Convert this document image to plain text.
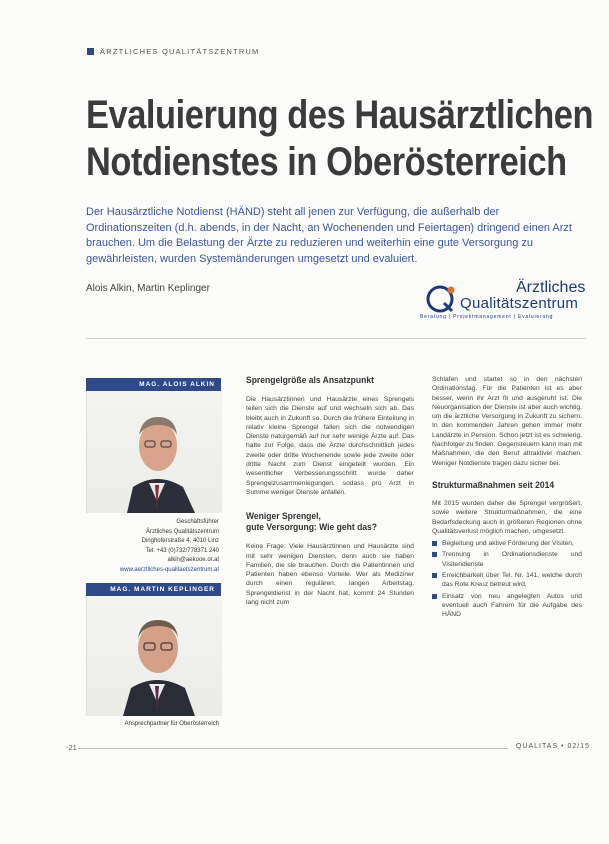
ÄRZTLICHES QUALITÄTSZENTRUM
Evaluierung des Hausärztlichen
Notdienstes in Oberösterreich
Der Hausärztliche Notdienst (HÄND) steht all jenen zur Verfügung, die außerhalb der Ordinationszeiten (d.h. abends, in der Nacht, an Wochenenden und Feiertagen) dringend einen Arzt brauchen. Um die Belastung der Ärzte zu reduzieren und weiterhin eine gute Versorgung zu gewährleisten, wurden Systemänderungen umgesetzt und evaluiert.
Alois Alkin, Martin Keplinger	Ärztliches
Qualitätszentrum
Beratung | Projektmanagement | Evaluierung
MAG. ALOIS ALKIN
Geschäftsführer
Ärztliches Qualitätszentrum
Dinghoferstraße 4, 4010 Linz
Tel: +43 (0)732/778371 240
alkin@aekooe.or.at
www.aerztliches-qualitaetszentrum.at
MAG. MARTIN KEPLINGER
Ansprechpartner für Oberösterreich
Sprengelgröße als Ansatzpunkt
Die Hausärztinnen und Hausärzte eines Sprengels teilen sich die Dienste auf und wechseln sich ab. Das bleibt auch in Zukunft so. Durch die frühere Einteilung in relativ kleine Sprengel fallen sich die notwendigen Dienste naturgemäß auf nur sehr wenige Ärzte auf. Das hatte zur Folge, dass die Ärzte durchschnittlich jedes zweite oder dritte Wochenende sowie jede zweite oder dritte Nacht zum Dienst eingeteilt wurden. Ein wesentlicher Verbesserungsschritt wurde daher Sprengelzusammenlegungen, sodass pro Arzt in Summe weniger Dienste anfallen.
Weniger Sprengel,
gute Versorgung: Wie geht das?
Keine Frage: Viele Hausärztinnen und Hausärzte sind mit sehr wenigen Diensten, denn auch sie haben Familien, die sie brauchen. Durch die Patientinnen und Patienten haben ebenso Vorteile. Wer als Mediziner durch einen regulären, langen Arbeitstag, Sprengeldienst in der Nacht hat, kommt 24 Stunden lang nicht zum
Schlafen und startet so in den nächsten Ordinationstag. Für die Patienten ist es aber besser, wenn ihr Arzt fit und ausgeruht ist. Die Neuorganisation der Dienste ist aber auch wichtig, um die ärztliche Versorgung in Zukunft zu sichern. In den kommenden Jahren gehen immer mehr Landärzte in Pension. Schon jetzt ist es schwierig, Nachfolger zu finden. Gegensteuern kann man mit Maßnahmen, die den Beruf attraktiver machen. Weniger Notdienste tragen dazu sicher bei.
Strukturmaßnahmen seit 2014
Mit 2015 wurden daher die Sprengel vergrößert, sowie weitere Strukturmaßnahmen, die eine Bedarfsdeckung auch in größeren Regionen ohne Qualitätsverlust möglich machen, umgesetzt.
Begleitung und aktive Förderung der Visiten,
Trennung in Ordinationsdienste und Visitendienste
Erreichbarkeit über Tel. Nr. 141, welche durch das Rote Kreuz betreut wird,
Einsatz von neu angelegten Autos und eventuell auch Fahrern für die Aufgabe des HÄND
-21	QUALITAS • 02/15
